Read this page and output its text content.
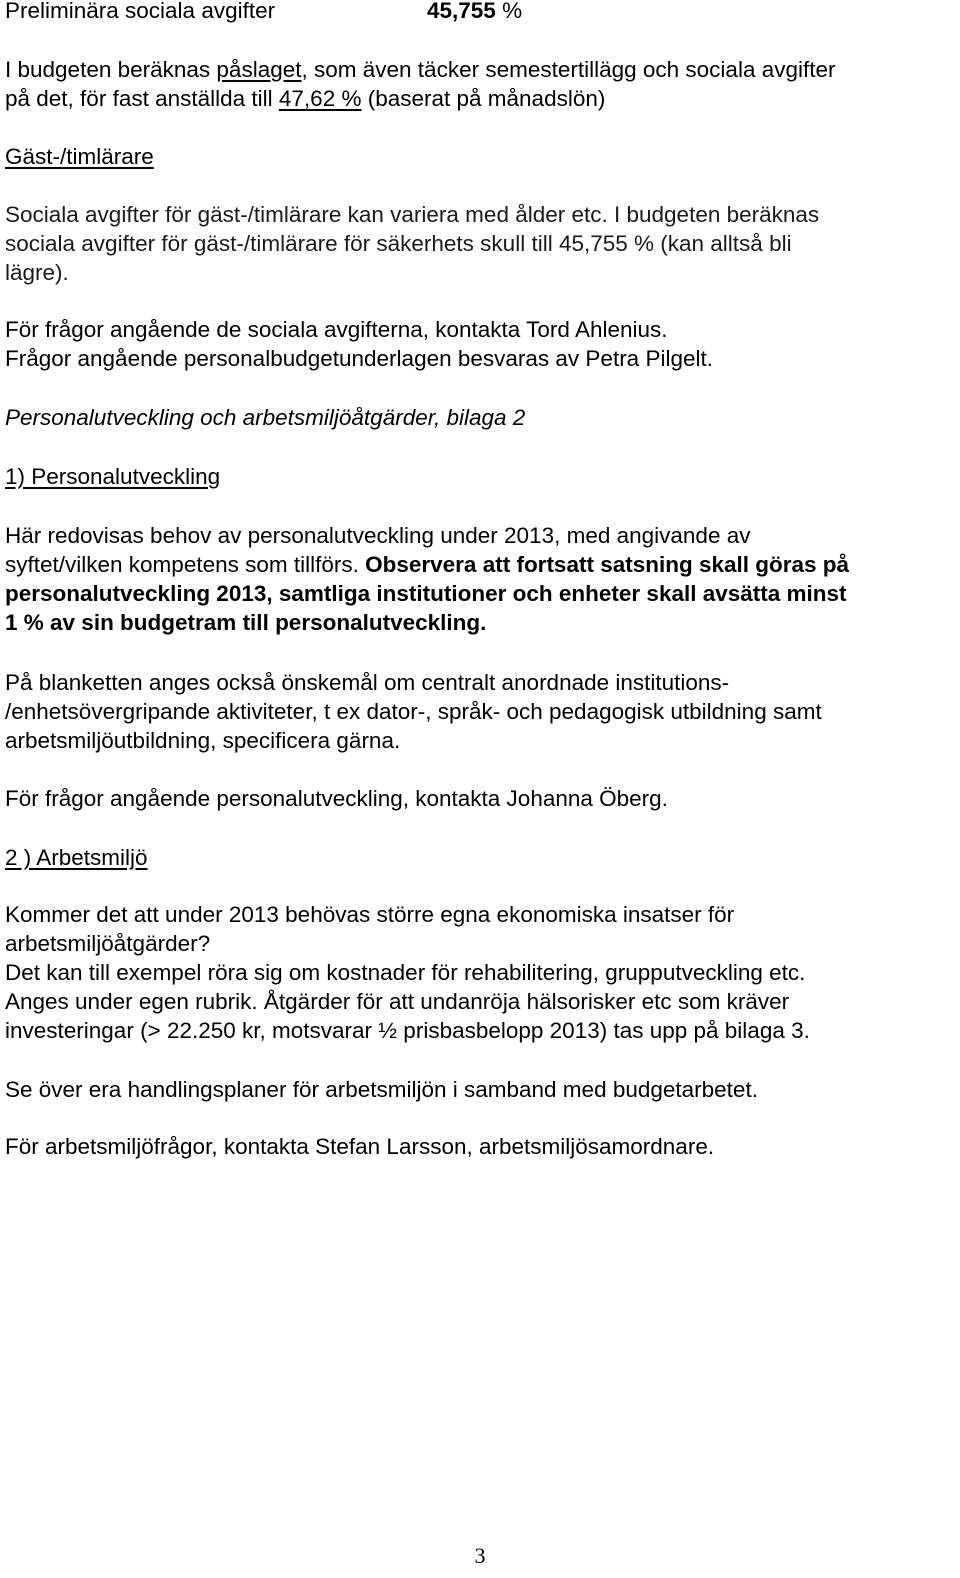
Preliminära sociala avgifter	45,755 %
I budgeten beräknas påslaget, som även täcker semestertillägg och sociala avgifter
på det, för fast anställda till 47,62 % (baserat på månadslön)
Gäst-/timlärare
Sociala avgifter för gäst-/timlärare kan variera med ålder etc. I budgeten beräknas
sociala avgifter för gäst-/timlärare för säkerhets skull till 45,755 % (kan alltså bli
lägre).
För frågor angående de sociala avgifterna, kontakta Tord Ahlenius.
Frågor angående personalbudgetunderlagen besvaras av Petra Pilgelt.
Personalutveckling och arbetsmiljöåtgärder, bilaga 2
1) Personalutveckling
Här redovisas behov av personalutveckling under 2013, med angivande av
syftet/vilken kompetens som tillförs. Observera att fortsatt satsning skall göras på
personalutveckling 2013, samtliga institutioner och enheter skall avsätta minst
1 % av sin budgetram till personalutveckling.
På blanketten anges också önskemål om centralt anordnade institutions-
/enhetsövergripande aktiviteter, t ex dator-, språk- och pedagogisk utbildning samt
arbetsmiljöutbildning, specificera gärna.
För frågor angående personalutveckling, kontakta Johanna Öberg.
2 ) Arbetsmiljö
Kommer det att under 2013 behövas större egna ekonomiska insatser för
arbetsmiljöåtgärder?
Det kan till exempel röra sig om kostnader för rehabilitering, grupputveckling etc.
Anges under egen rubrik. Åtgärder för att undanröja hälsorisker etc som kräver
investeringar (> 22.250 kr, motsvarar ½ prisbasbelopp 2013) tas upp på bilaga 3.
Se över era handlingsplaner för arbetsmiljön i samband med budgetarbetet.
För arbetsmiljöfrågor, kontakta Stefan Larsson, arbetsmiljösamordnare.
3
